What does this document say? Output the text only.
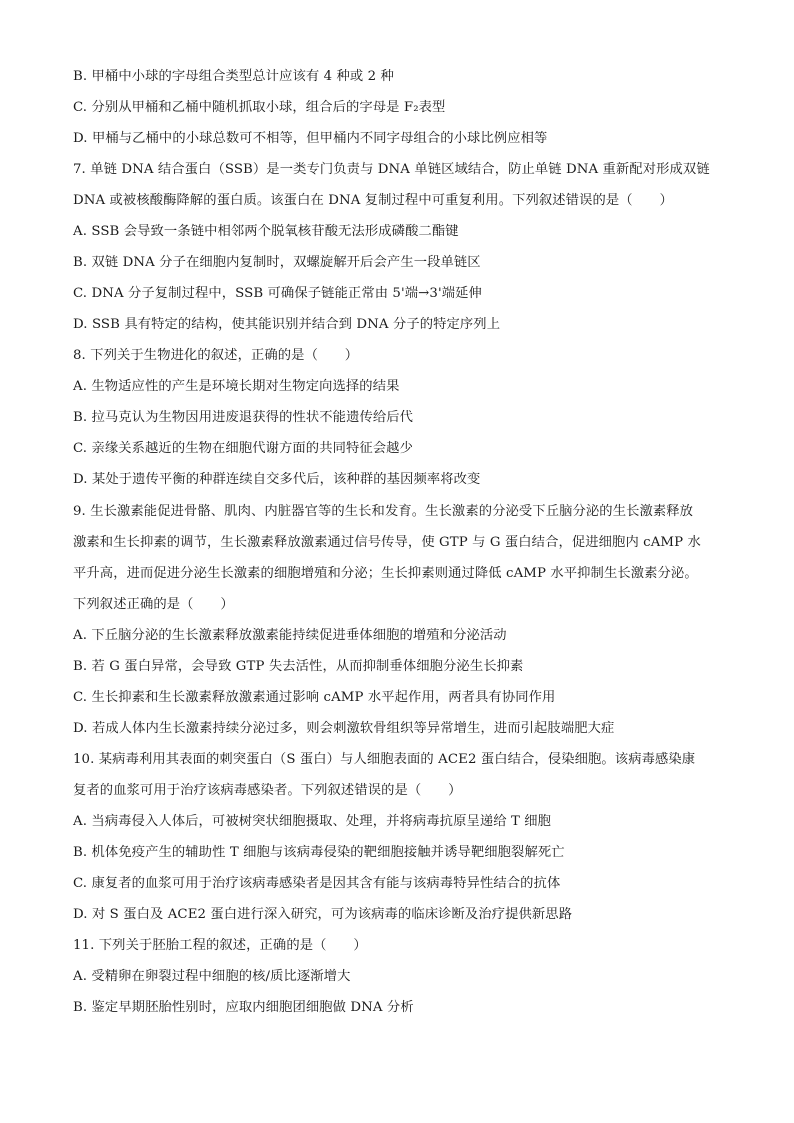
B. 甲桶中小球的字母组合类型总计应该有 4 种或 2 种
C. 分别从甲桶和乙桶中随机抓取小球，组合后的字母是 F₂表型
D. 甲桶与乙桶中的小球总数可不相等，但甲桶内不同字母组合的小球比例应相等
7. 单链 DNA 结合蛋白（SSB）是一类专门负责与 DNA 单链区域结合，防止单链 DNA 重新配对形成双链
DNA 或被核酸酶降解的蛋白质。该蛋白在 DNA 复制过程中可重复利用。下列叙述错误的是（　　）
A. SSB 会导致一条链中相邻两个脱氧核苷酸无法形成磷酸二酯键
B. 双链 DNA 分子在细胞内复制时，双螺旋解开后会产生一段单链区
C. DNA 分子复制过程中，SSB 可确保子链能正常由 5'端→3'端延伸
D. SSB 具有特定的结构，使其能识别并结合到 DNA 分子的特定序列上
8. 下列关于生物进化的叙述，正确的是（　　）
A. 生物适应性的产生是环境长期对生物定向选择的结果
B. 拉马克认为生物因用进废退获得的性状不能遗传给后代
C. 亲缘关系越近的生物在细胞代谢方面的共同特征会越少
D. 某处于遗传平衡的种群连续自交多代后，该种群的基因频率将改变
9. 生长激素能促进骨骼、肌肉、内脏器官等的生长和发育。生长激素的分泌受下丘脑分泌的生长激素释放
激素和生长抑素的调节，生长激素释放激素通过信号传导，使 GTP 与 G 蛋白结合，促进细胞内 cAMP 水
平升高，进而促进分泌生长激素的细胞增殖和分泌；生长抑素则通过降低 cAMP 水平抑制生长激素分泌。
下列叙述正确的是（　　）
A. 下丘脑分泌的生长激素释放激素能持续促进垂体细胞的增殖和分泌活动
B. 若 G 蛋白异常，会导致 GTP 失去活性，从而抑制垂体细胞分泌生长抑素
C. 生长抑素和生长激素释放激素通过影响 cAMP 水平起作用，两者具有协同作用
D. 若成人体内生长激素持续分泌过多，则会刺激软骨组织等异常增生，进而引起肢端肥大症
10. 某病毒利用其表面的刺突蛋白（S 蛋白）与人细胞表面的 ACE2 蛋白结合，侵染细胞。该病毒感染康
复者的血浆可用于治疗该病毒感染者。下列叙述错误的是（　　）
A. 当病毒侵入人体后，可被树突状细胞摄取、处理，并将病毒抗原呈递给 T 细胞
B. 机体免疫产生的辅助性 T 细胞与该病毒侵染的靶细胞接触并诱导靶细胞裂解死亡
C. 康复者的血浆可用于治疗该病毒感染者是因其含有能与该病毒特异性结合的抗体
D. 对 S 蛋白及 ACE2 蛋白进行深入研究，可为该病毒的临床诊断及治疗提供新思路
11. 下列关于胚胎工程的叙述，正确的是（　　）
A. 受精卵在卵裂过程中细胞的核/质比逐渐增大
B. 鉴定早期胚胎性别时，应取内细胞团细胞做 DNA 分析
